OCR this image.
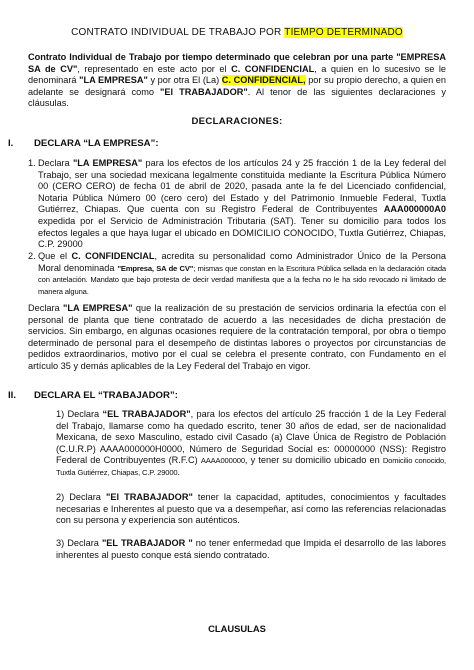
CONTRATO INDIVIDUAL DE TRABAJO POR TIEMPO DETERMINADO
Contrato Individual de Trabajo por tiempo determinado que celebran por una parte "EMPRESA SA de CV", representado en este acto por el C. CONFIDENCIAL, a quien en lo sucesivo se le denominará "LA EMPRESA" y por otra El (La) C. CONFIDENCIAL, por su propio derecho, a quien en adelante se designará como "El TRABAJADOR". Al tenor de las siguientes declaraciones y cláusulas.
DECLARACIONES:
I. DECLARA “LA EMPRESA”:
1. Declara "LA EMPRESA" para los efectos de los artículos 24 y 25 fracción 1 de la Ley federal del Trabajo, ser una sociedad mexicana legalmente constituida mediante la Escritura Pública Número 00 (CERO CERO) de fecha 01 de abril de 2020, pasada ante la fe del Licenciado confidencial, Notaria Pública Número 00 (cero cero) del Estado y del Patrimonio Inmueble Federal, Tuxtla Gutiérrez, Chiapas. Que cuenta con su Registro Federal de Contribuyentes AAA000000A0 expedida por el Servicio de Administración Tributaria (SAT). Tener su domicilio para todos los efectos legales a que haya lugar el ubicado en DOMICILIO CONOCIDO, Tuxtla Gutiérrez, Chiapas, C.P. 29000
2. Que el C. CONFIDENCIAL, acredita su personalidad como Administrador Único de la Persona Moral denominada "Empresa, SA de CV"; mismas que constan en la Escritura Pública sellada en la declaración citada con antelación. Mandato que bajo protesta de decir verdad manifiesta que a la fecha no le ha sido revocado ni limitado de manera alguna.
Declara "LA EMPRESA" que la realización de su prestación de servicios ordinaria la efectúa con el personal de planta que tiene contratado de acuerdo a las necesidades de dicha prestación de servicios. Sin embargo, en algunas ocasiones requiere de la contratación temporal, por obra o tiempo determinado de personal para el desempeño de distintas labores o proyectos por circunstancias de pedidos extraordinarios, motivo por el cual se celebra el presente contrato, con Fundamento en el artículo 35 y demás aplicables de la Ley Federal del Trabajo en vigor.
II. DECLARA EL “TRABAJADOR”:
1) Declara “EL TRABAJADOR", para los efectos del artículo 25 fracción 1 de la Ley Federal del Trabajo, llamarse como ha quedado escrito, tener 30 años de edad, ser de nacionalidad Mexicana, de sexo Masculino, estado civil Casado (a) Clave Única de Registro de Población (C.U.R.P) AAAA000000H0000, Número de Seguridad Social es: 00000000 (NSS): Registro Federal de Contribuyentes (R.F.C) AAAA000000, y tener su domicilio ubicado en Domicilio conocido, Tuxtla Gutiérrez, Chiapas, C.P. 29000.
2) Declara "El TRABAJADOR" tener la capacidad, aptitudes, conocimientos y facultades necesarias e Inherentes al puesto que va a desempeñar, así como las referencias relacionadas con su persona y experiencia son auténticos.
3) Declara "EL TRABAJADOR " no tener enfermedad que Impida el desarrollo de las labores inherentes al puesto conque está siendo contratado.
CLAUSULAS
